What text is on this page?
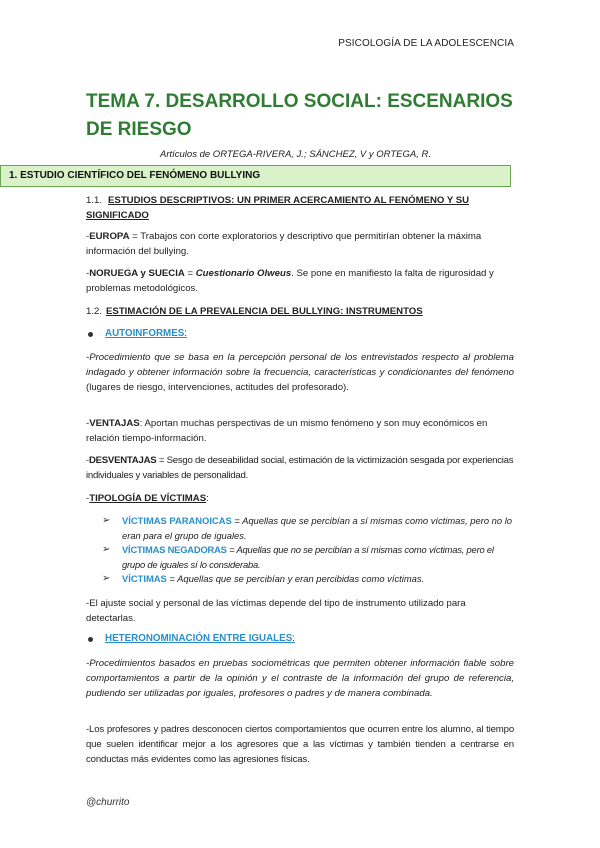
PSICOLOGÍA DE LA ADOLESCENCIA
TEMA 7. DESARROLLO SOCIAL: ESCENARIOS DE RIESGO
Artículos de ORTEGA-RIVERA, J.; SÁNCHEZ, V y ORTEGA, R.
1. ESTUDIO CIENTÍFICO DEL FENÓMENO BULLYING
1.1. ESTUDIOS DESCRIPTIVOS: UN PRIMER ACERCAMIENTO AL FENÓMENO Y SU SIGNIFICADO
-EUROPA = Trabajos con corte exploratorios y descriptivo que permitirían obtener la máxima información del bullying.
-NORUEGA y SUECIA = Cuestionario Olweus. Se pone en manifiesto la falta de rigurosidad y problemas metodológicos.
1.2. ESTIMACIÓN DE LA PREVALENCIA DEL BULLYING: INSTRUMENTOS
AUTOINFORMES:
-Procedimiento que se basa en la percepción personal de los entrevistados respecto al problema indagado y obtener información sobre la frecuencia, características y condicionantes del fenómeno (lugares de riesgo, intervenciones, actitudes del profesorado).
-VENTAJAS: Aportan muchas perspectivas de un mismo fenómeno y son muy económicos en relación tiempo-información.
-DESVENTAJAS = Sesgo de deseabilidad social, estimación de la victimización sesgada por experiencias individuales y variables de personalidad.
-TIPOLOGÍA DE VÍCTIMAS:
➢ VÍCTIMAS PARANOICAS = Aquellas que se percibían a sí mismas como víctimas, pero no lo eran para el grupo de iguales.
➢ VÍCTIMAS NEGADORAS = Aquellas que no se percibían a sí mismas como víctimas, pero el grupo de iguales sí lo consideraba.
➢ VÍCTIMAS = Aquellas que se percibían y eran percibidas como víctimas.
-El ajuste social y personal de las víctimas depende del tipo de instrumento utilizado para detectarlas.
HETERONOMINACIÓN ENTRE IGUALES:
-Procedimientos basados en pruebas sociométricas que permiten obtener información fiable sobre comportamientos a partir de la opinión y el contraste de la información del grupo de referencia, pudiendo ser utilizadas por iguales, profesores o padres y de manera combinada.
-Los profesores y padres desconocen ciertos comportamientos que ocurren entre los alumno, al tiempo que suelen identificar mejor a los agresores que a las víctimas y también tienden a centrarse en conductas más evidentes como las agresiones físicas.
@churrito
